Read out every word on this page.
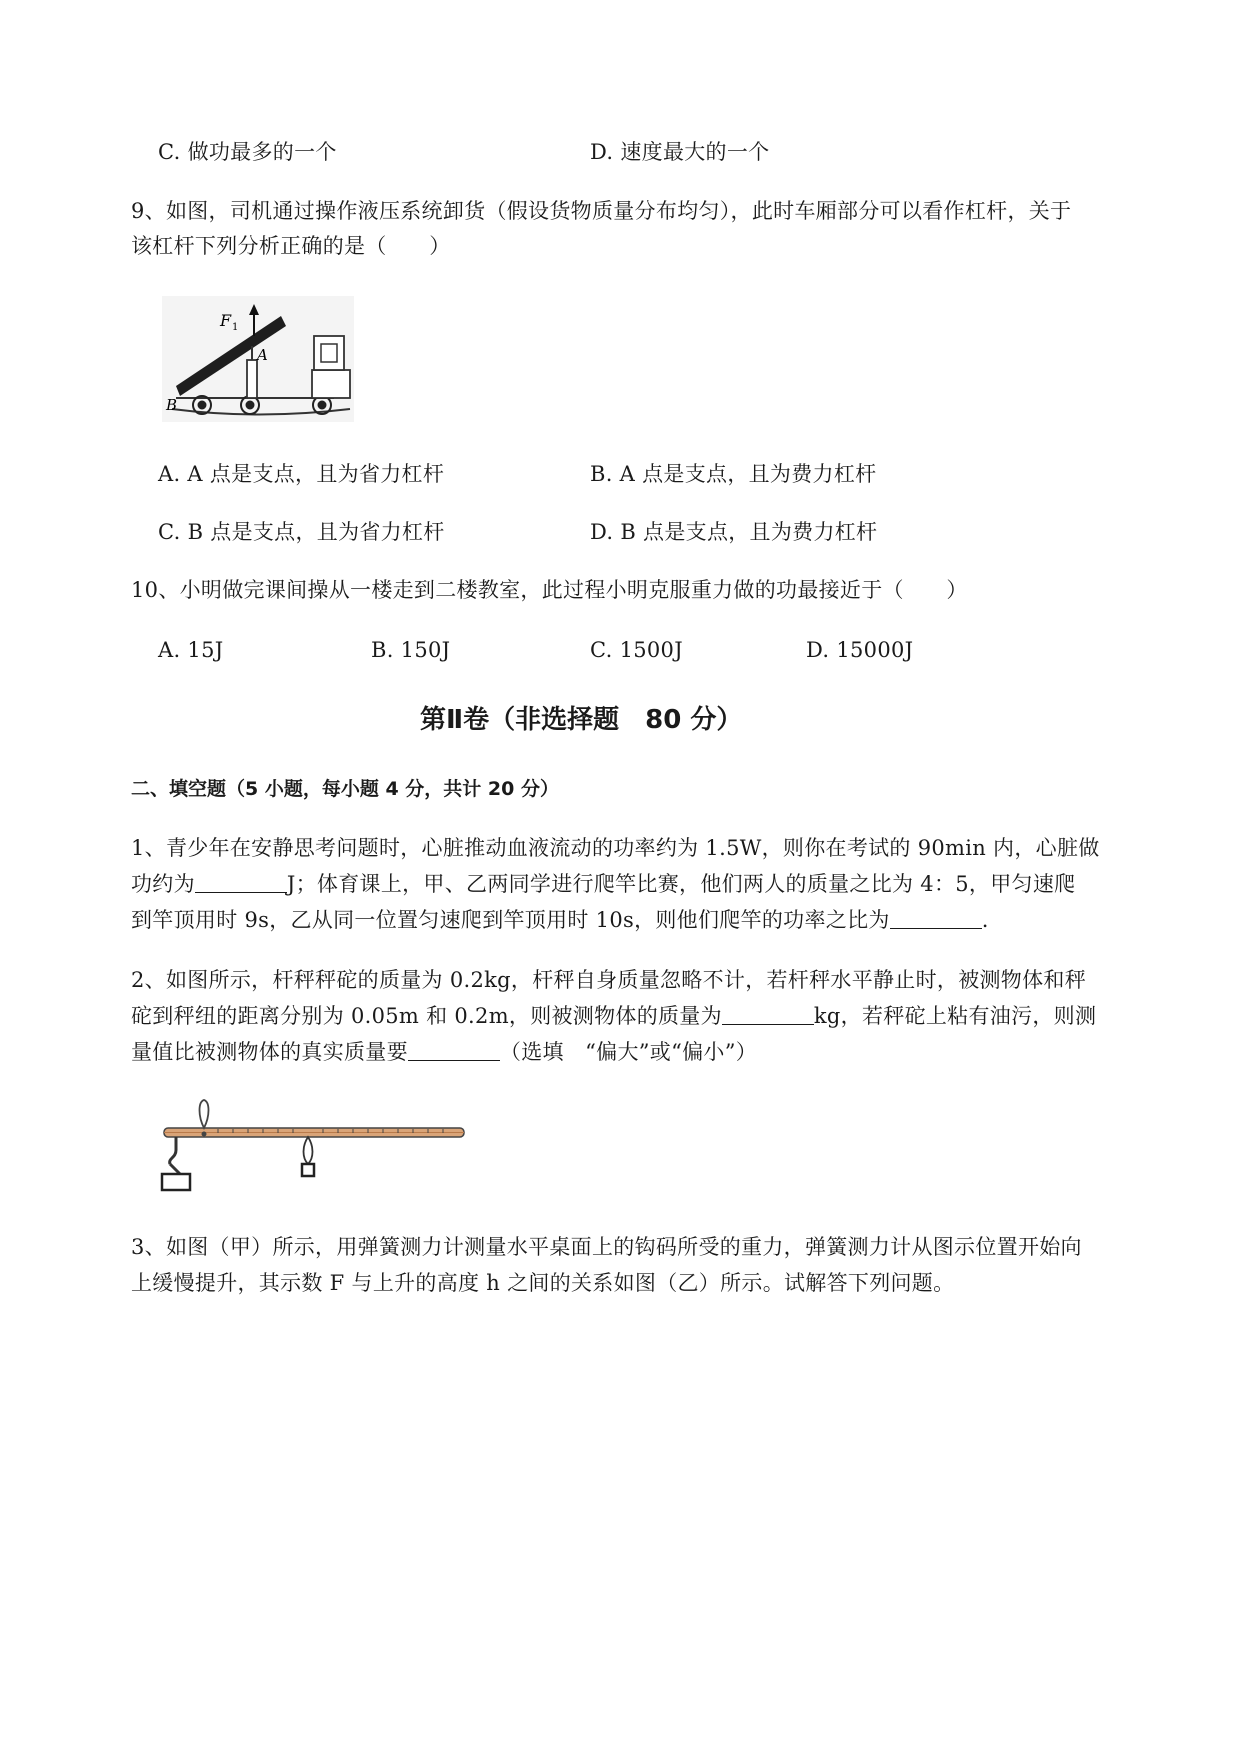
C. 做功最多的一个	D. 速度最大的一个
9、如图，司机通过操作液压系统卸货（假设货物质量分布均匀），此时车厢部分可以看作杠杆，关于
该杠杆下列分析正确的是（　　）
F 1
A
B
A. A 点是支点，且为省力杠杆	B. A 点是支点，且为费力杠杆
C. B 点是支点，且为省力杠杆	D. B 点是支点，且为费力杠杆
10、小明做完课间操从一楼走到二楼教室，此过程小明克服重力做的功最接近于（　　）
A. 15J	B. 150J	C. 1500J	D. 15000J
第Ⅱ卷（非选择题　80 分）
二、填空题（5 小题，每小题 4 分，共计 20 分）
1、青少年在安静思考问题时，心脏推动血液流动的功率约为 1.5W，则你在考试的 90min 内，心脏做
功约为	J；体育课上，甲、乙两同学进行爬竿比赛，他们两人的质量之比为 4：5，甲匀速爬
到竿顶用时 9s，乙从同一位置匀速爬到竿顶用时 10s，则他们爬竿的功率之比为	.
2、如图所示，杆秤秤砣的质量为 0.2kg，杆秤自身质量忽略不计，若杆秤水平静止时，被测物体和秤
砣到秤纽的距离分别为 0.05m 和 0.2m，则被测物体的质量为	kg，若秤砣上粘有油污，则测
量值比被测物体的真实质量要	（选填　“偏大”或“偏小”）
3、如图（甲）所示，用弹簧测力计测量水平桌面上的钩码所受的重力，弹簧测力计从图示位置开始向
上缓慢提升，其示数 F 与上升的高度 h 之间的关系如图（乙）所示。试解答下列问题。
